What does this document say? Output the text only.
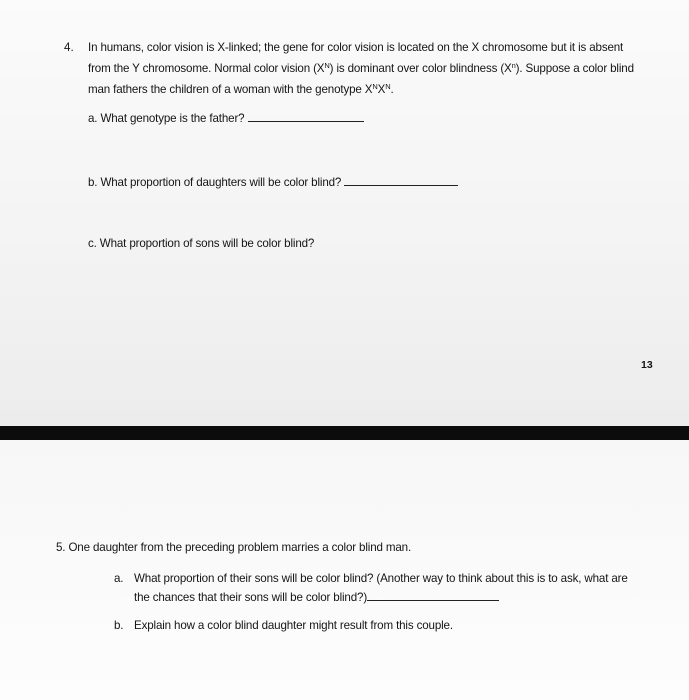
4. In humans, color vision is X-linked; the gene for color vision is located on the X chromosome but it is absent
from the Y chromosome. Normal color vision $(X^N)$ is dominant over color blindness $(X^n)$. Suppose a color blind
man fathers the children of a woman with the genotype $X^NX^N$.
a. What genotype is the father?
b. What proportion of daughters will be color blind?
c. What proportion of sons will be color blind?
13
5. One daughter from the preceding problem marries a color blind man.
a. What proportion of their sons will be color blind? (Another way to think about this is to ask, what are
the chances that their sons will be color blind?)
b. Explain how a color blind daughter might result from this couple.
